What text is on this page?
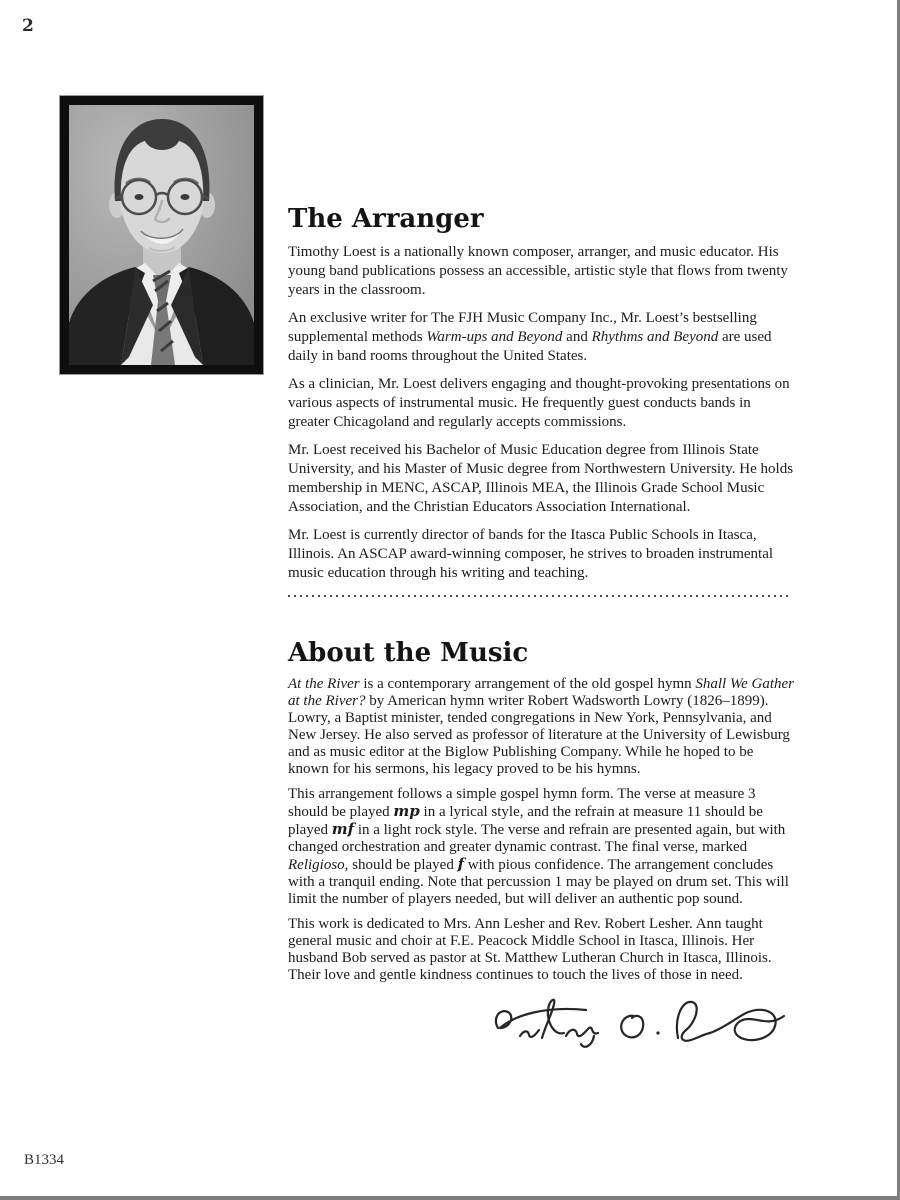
2
The Arranger

Timothy Loest is a nationally known composer, arranger, and music educator. His young band publications possess an accessible, artistic style that flows from twenty years in the classroom.

An exclusive writer for The FJH Music Company Inc., Mr. Loest’s bestselling supplemental methods Warm-ups and Beyond and Rhythms and Beyond are used daily in band rooms throughout the United States.

As a clinician, Mr. Loest delivers engaging and thought-provoking presentations on various aspects of instrumental music. He frequently guest conducts bands in greater Chicagoland and regularly accepts commissions.

Mr. Loest received his Bachelor of Music Education degree from Illinois State University, and his Master of Music degree from Northwestern University. He holds membership in MENC, ASCAP, Illinois MEA, the Illinois Grade School Music Association, and the Christian Educators Association International.

Mr. Loest is currently director of bands for the Itasca Public Schools in Itasca, Illinois. An ASCAP award-winning composer, he strives to broaden instrumental music education through his writing and teaching.

About the Music

At the River is a contemporary arrangement of the old gospel hymn Shall We Gather at the River? by American hymn writer Robert Wadsworth Lowry (1826–1899). Lowry, a Baptist minister, tended congregations in New York, Pennsylvania, and New Jersey. He also served as professor of literature at the University of Lewisburg and as music editor at the Biglow Publishing Company. While he hoped to be known for his sermons, his legacy proved to be his hymns.

This arrangement follows a simple gospel hymn form. The verse at measure 3 should be played mp in a lyrical style, and the refrain at measure 11 should be played mf in a light rock style. The verse and refrain are presented again, but with changed orchestration and greater dynamic contrast. The final verse, marked Religioso, should be played f with pious confidence. The arrangement concludes with a tranquil ending. Note that percussion 1 may be played on drum set. This will limit the number of players needed, but will deliver an authentic pop sound.

This work is dedicated to Mrs. Ann Lesher and Rev. Robert Lesher. Ann taught general music and choir at F.E. Peacock Middle School in Itasca, Illinois. Her husband Bob served as pastor at St. Matthew Lutheran Church in Itasca, Illinois. Their love and gentle kindness continues to touch the lives of those in need.

B1334
